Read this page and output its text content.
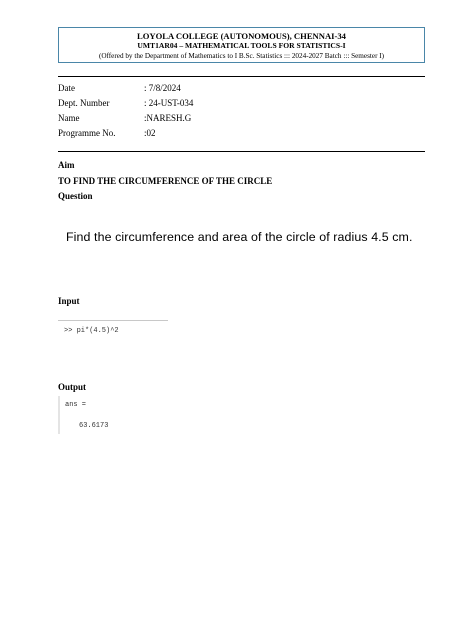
LOYOLA COLLEGE (AUTONOMOUS), CHENNAI-34
UMT1AR04 – MATHEMATICAL TOOLS FOR STATISTICS-I
(Offered by the Department of Mathematics to I B.Sc. Statistics ::: 2024-2027 Batch ::: Semester I)
Date	: 7/8/2024
Dept. Number	: 24-UST-034
Name	:NARESH.G
Programme No.	:02
Aim
TO FIND THE CIRCUMFERENCE OF THE CIRCLE
Question
Find the circumference and area of the circle of radius 4.5 cm.
Input
>> pi*(4.5)^2
Output
ans =
63.6173
